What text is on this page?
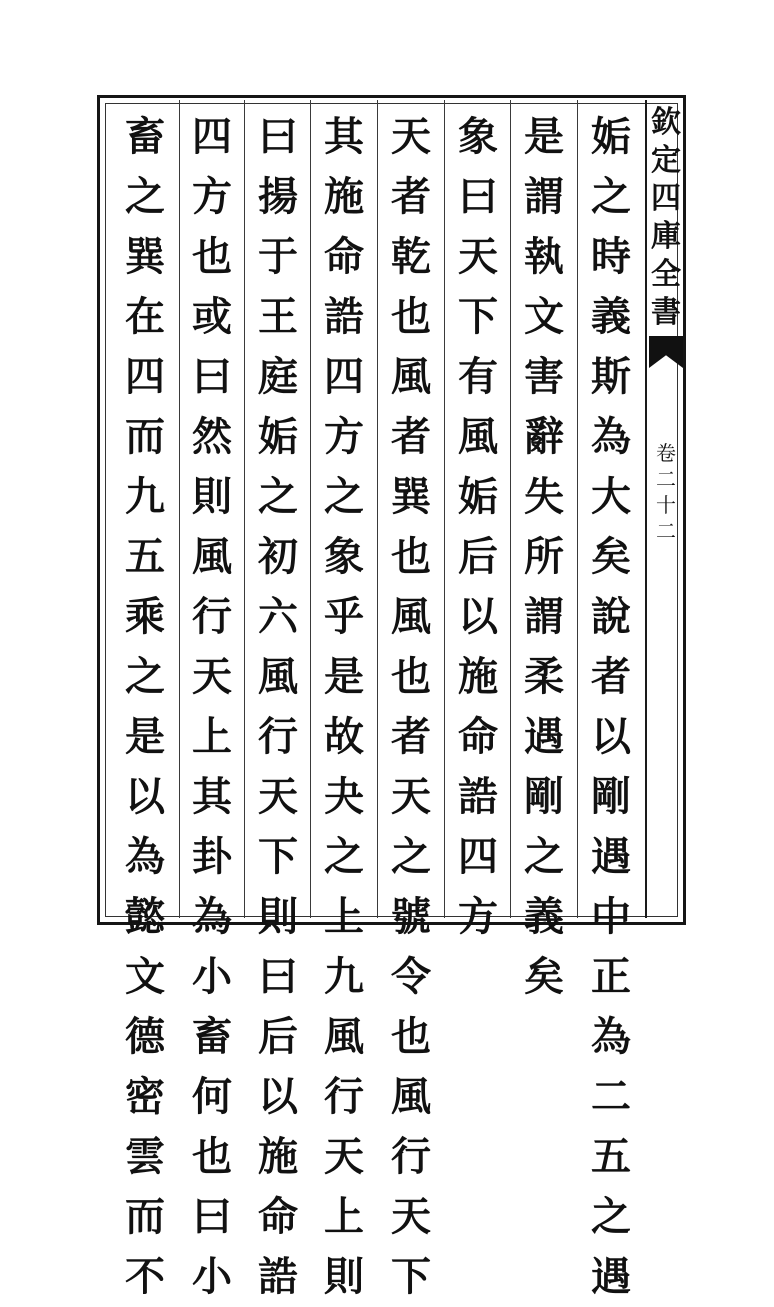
欽
定
四
庫
全
書
卷
二
十
二
姤
之
時
義
斯
為
大
矣
說
者
以
剛
遇
中
正
為
二
五
之
遇
是
謂
執
文
害
辭
失
所
謂
柔
遇
剛
之
義
矣
象
曰
天
下
有
風
姤
后
以
施
命
誥
四
方
天
者
乾
也
風
者
巽
也
風
也
者
天
之
號
令
也
風
行
天
下
其
施
命
誥
四
方
之
象
乎
是
故
夬
之
上
九
風
行
天
上
則
曰
揚
于
王
庭
姤
之
初
六
風
行
天
下
則
曰
后
以
施
命
誥
四
方
也
或
曰
然
則
風
行
天
上
其
卦
為
小
畜
何
也
曰
小
畜
之
巽
在
四
而
九
五
乘
之
是
以
為
懿
文
德
密
雲
而
不
